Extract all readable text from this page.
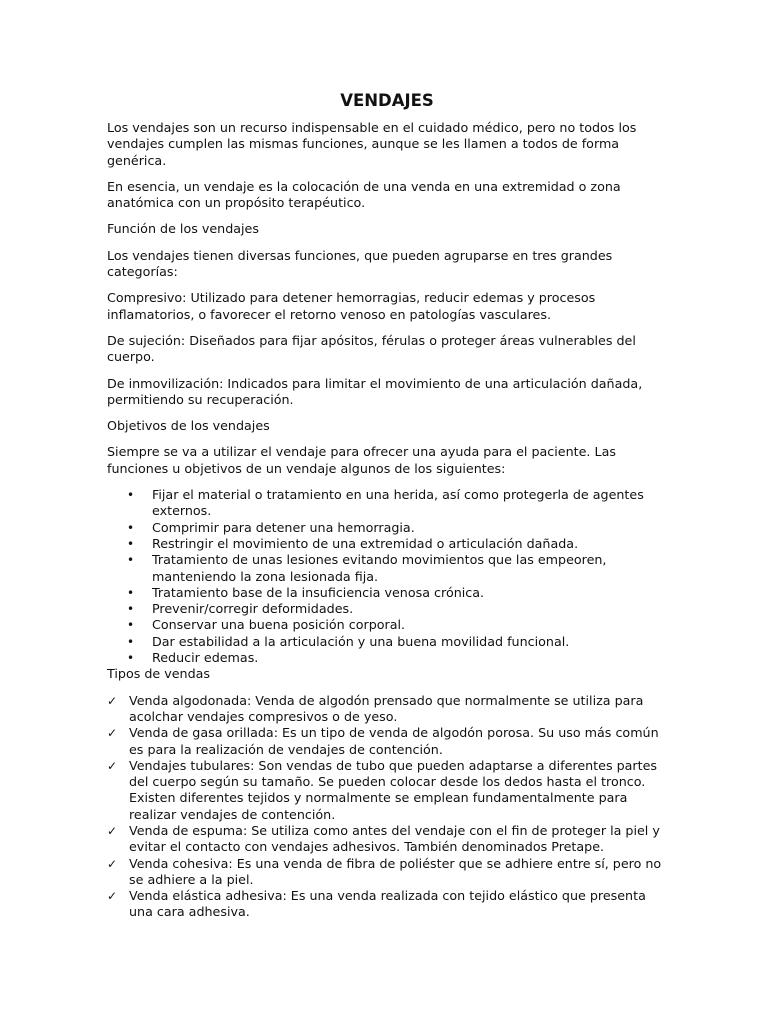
VENDAJES

Los vendajes son un recurso indispensable en el cuidado médico, pero no todos los vendajes cumplen las mismas funciones, aunque se les llamen a todos de forma genérica.

En esencia, un vendaje es la colocación de una venda en una extremidad o zona anatómica con un propósito terapéutico.

Función de los vendajes

Los vendajes tienen diversas funciones, que pueden agruparse en tres grandes categorías:

Compresivo: Utilizado para detener hemorragias, reducir edemas y procesos inflamatorios, o favorecer el retorno venoso en patologías vasculares.

De sujeción: Diseñados para fijar apósitos, férulas o proteger áreas vulnerables del cuerpo.

De inmovilización: Indicados para limitar el movimiento de una articulación dañada, permitiendo su recuperación.

Objetivos de los vendajes

Siempre se va a utilizar el vendaje para ofrecer una ayuda para el paciente. Las funciones u objetivos de un vendaje algunos de los siguientes:

• Fijar el material o tratamiento en una herida, así como protegerla de agentes externos.
• Comprimir para detener una hemorragia.
• Restringir el movimiento de una extremidad o articulación dañada.
• Tratamiento de unas lesiones evitando movimientos que las empeoren, manteniendo la zona lesionada fija.
• Tratamiento base de la insuficiencia venosa crónica.
• Prevenir/corregir deformidades.
• Conservar una buena posición corporal.
• Dar estabilidad a la articulación y una buena movilidad funcional.
• Reducir edemas.

Tipos de vendas

✓ Venda algodonada: Venda de algodón prensado que normalmente se utiliza para acolchar vendajes compresivos o de yeso.
✓ Venda de gasa orillada: Es un tipo de venda de algodón porosa. Su uso más común es para la realización de vendajes de contención.
✓ Vendajes tubulares: Son vendas de tubo que pueden adaptarse a diferentes partes del cuerpo según su tamaño. Se pueden colocar desde los dedos hasta el tronco. Existen diferentes tejidos y normalmente se emplean fundamentalmente para realizar vendajes de contención.
✓ Venda de espuma: Se utiliza como antes del vendaje con el fin de proteger la piel y evitar el contacto con vendajes adhesivos. También denominados Pretape.
✓ Venda cohesiva: Es una venda de fibra de poliéster que se adhiere entre sí, pero no se adhiere a la piel.
✓ Venda elástica adhesiva: Es una venda realizada con tejido elástico que presenta una cara adhesiva.
